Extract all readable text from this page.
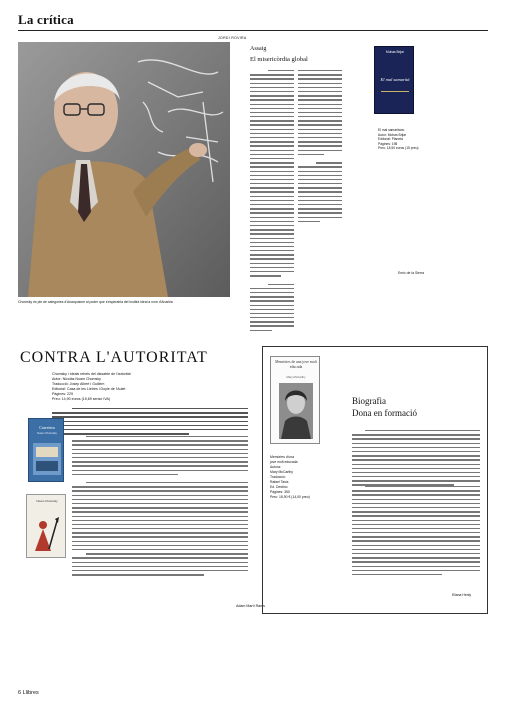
La crítica
JORDI ROVIRA
Chomsky és ple de categories d'Anarquisme al poder que s'esperabla del Institut ideal a nom d'Anarkia
Assaig
El misericòrdia global
Enric de la Sierra
Mohas Brijar
El mal samarità
El mal samaritano
Autor: Mohas Brijar
Editorial: Planeta
Pàgines: 198
Preu: 18,50 euros (15 preu)
CONTRA L'AUTORITAT
Chomsky i ideals rebels del dissabte de l'autoritat
Autor: Nicolás Noam Chomsky
Traducció: Josep Albert i Guillem
Editorial: Casa de les Lletres i Doyle de l'Aulet
Pàgines: 229
Preu: 14,90 euros (15,69 sense IVA)
Carretera
Noam Chomsky
Noam Chomsky
Adam Martí Rams
Memòries de una jove molt educada
Mary McCarthy
Memòries d'una
jove molt educada
Autora:
Mary McCarthy
Traducció:
Rafael Tasis
Ed. Destino
Pàgines: 350
Preu: 18,90 € (14,00 preu)
Biografia
Dona en formació
Eliana Henly
6 Llibres
